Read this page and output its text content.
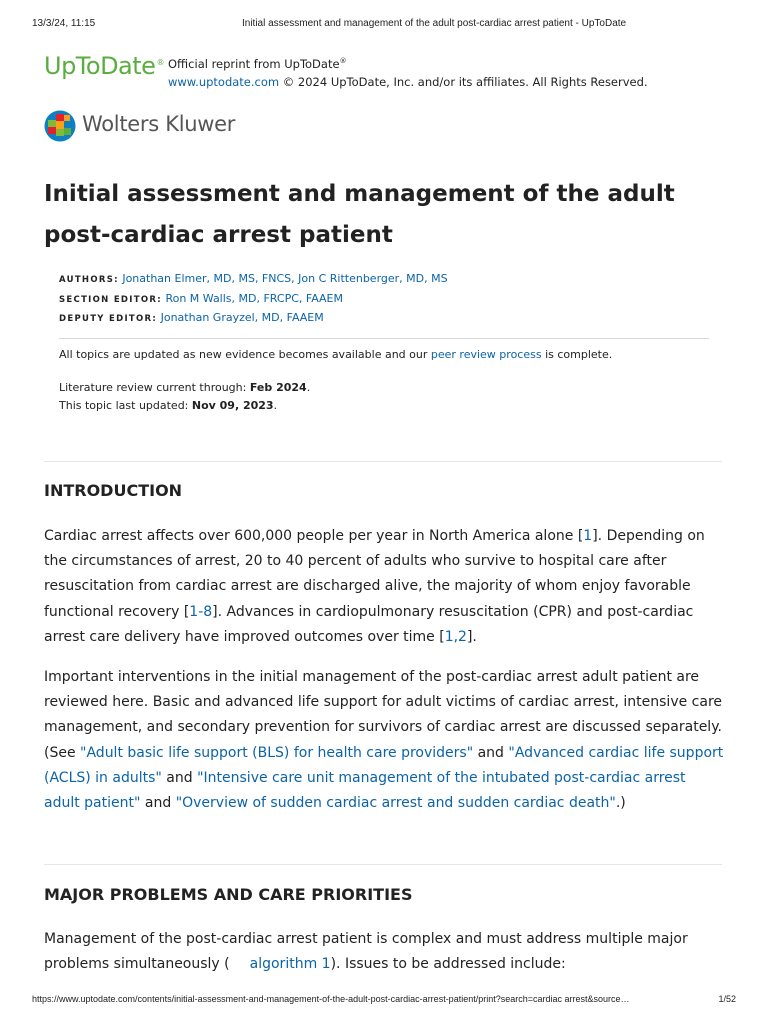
13/3/24, 11:15	Initial assessment and management of the adult post-cardiac arrest patient - UpToDate
UpToDate® Official reprint from UpToDate®
www.uptodate.com © 2024 UpToDate, Inc. and/or its affiliates. All Rights Reserved.
Wolters Kluwer
Initial assessment and management of the adult post-cardiac arrest patient
AUTHORS: Jonathan Elmer, MD, MS, FNCS, Jon C Rittenberger, MD, MS
SECTION EDITOR: Ron M Walls, MD, FRCPC, FAAEM
DEPUTY EDITOR: Jonathan Grayzel, MD, FAAEM
All topics are updated as new evidence becomes available and our peer review process is complete.
Literature review current through: Feb 2024.
This topic last updated: Nov 09, 2023.
INTRODUCTION

Cardiac arrest affects over 600,000 people per year in North America alone [1]. Depending on the circumstances of arrest, 20 to 40 percent of adults who survive to hospital care after resuscitation from cardiac arrest are discharged alive, the majority of whom enjoy favorable functional recovery [1-8]. Advances in cardiopulmonary resuscitation (CPR) and post-cardiac arrest care delivery have improved outcomes over time [1,2].

Important interventions in the initial management of the post-cardiac arrest adult patient are reviewed here. Basic and advanced life support for adult victims of cardiac arrest, intensive care management, and secondary prevention for survivors of cardiac arrest are discussed separately. (See "Adult basic life support (BLS) for health care providers" and "Advanced cardiac life support (ACLS) in adults" and "Intensive care unit management of the intubated post-cardiac arrest adult patient" and "Overview of sudden cardiac arrest and sudden cardiac death".)

MAJOR PROBLEMS AND CARE PRIORITIES

Management of the post-cardiac arrest patient is complex and must address multiple major problems simultaneously ( algorithm 1). Issues to be addressed include:

https://www.uptodate.com/contents/initial-assessment-and-management-of-the-adult-post-cardiac-arrest-patient/print?search=cardiac arrest&source…	1/52
